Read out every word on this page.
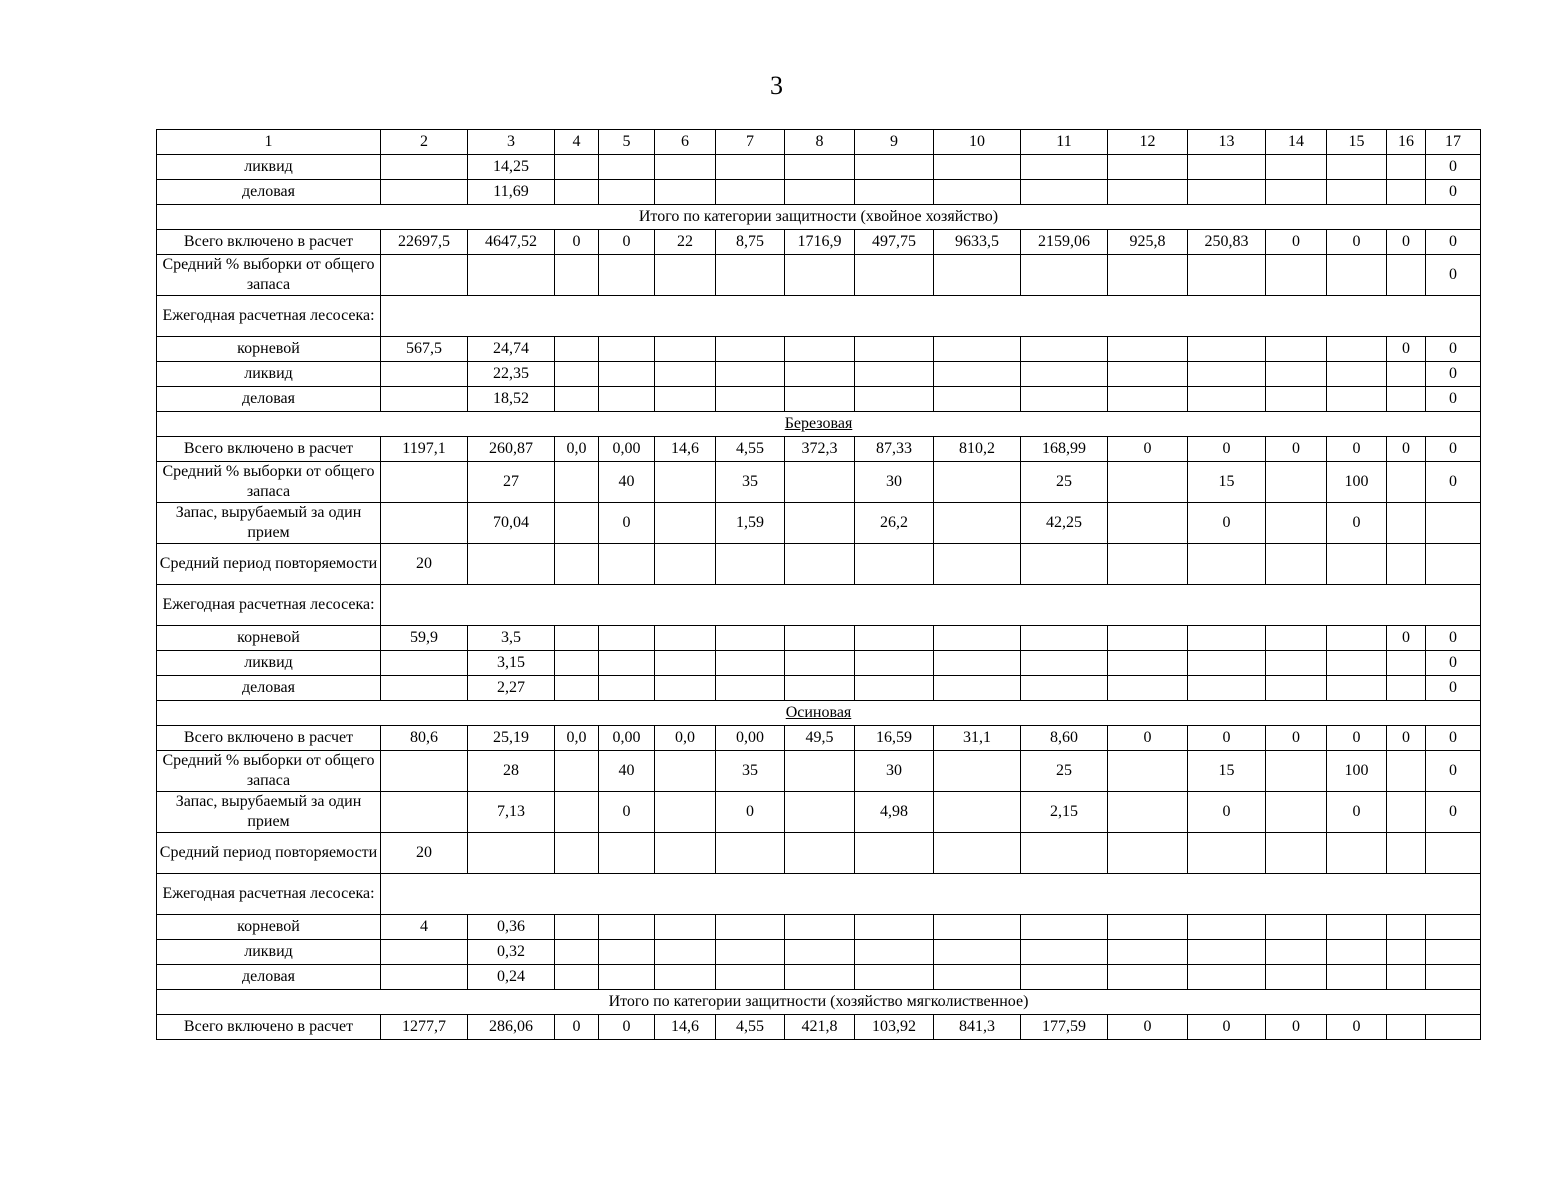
3
1	2	3	4	5	6	7	8	9	10	11	12	13	14	15	16	17
ликвид		14,25														0
деловая		11,69														0
Итого по категории защитности (хвойное хозяйство)																
Всего включено в расчет	22697,5	4647,52	0	0	22	8,75	1716,9	497,75	9633,5	2159,06	925,8	250,83	0	0	0	0
Средний % выборки от общего запаса																0
Ежегодная расчетная лесосека:																
корневой	567,5	24,74													0	0
ликвид		22,35														0
деловая		18,52														0
Березовая																
Всего включено в расчет	1197,1	260,87	0,0	0,00	14,6	4,55	372,3	87,33	810,2	168,99	0	0	0	0	0	0
Средний % выборки от общего запаса		27		40		35		30		25		15		100		0
Запас, вырубаемый за один прием		70,04		0		1,59		26,2		42,25		0		0		
Средний период повторяемости	20															
Ежегодная расчетная лесосека:																
корневой	59,9	3,5													0	0
ликвид		3,15														0
деловая		2,27														0
Осиновая																
Всего включено в расчет	80,6	25,19	0,0	0,00	0,0	0,00	49,5	16,59	31,1	8,60	0	0	0	0	0	0
Средний % выборки от общего запаса		28		40		35		30		25		15		100		0
Запас, вырубаемый за один прием		7,13		0		0		4,98		2,15		0		0		0
Средний период повторяемости	20															
Ежегодная расчетная лесосека:																
корневой	4	0,36														
ликвид		0,32														
деловая		0,24														
Итого по категории защитности (хозяйство мягколиственное)																
Всего включено в расчет	1277,7	286,06	0	0	14,6	4,55	421,8	103,92	841,3	177,59	0	0	0	0		
